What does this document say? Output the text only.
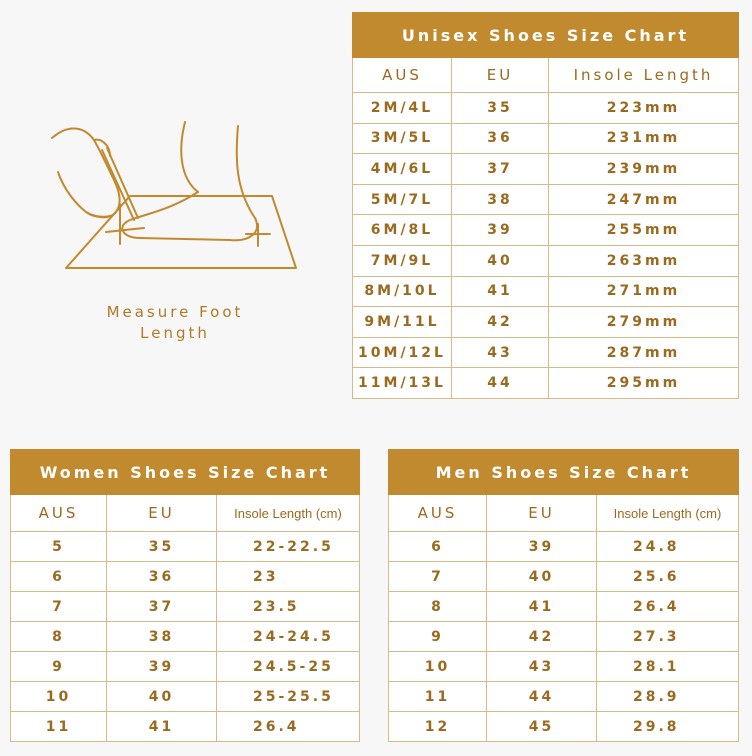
Measure Foot
Length
Unisex Shoes Size Chart		
AUS	EU	Insole Length
2M/4L	35	223mm
3M/5L	36	231mm
4M/6L	37	239mm
5M/7L	38	247mm
6M/8L	39	255mm
7M/9L	40	263mm
8M/10L	41	271mm
9M/11L	42	279mm
10M/12L	43	287mm
11M/13L	44	295mm
Women Shoes Size Chart		
AUS	EU	Insole Length (cm)
5	35	22-22.5
6	36	23
7	37	23.5
8	38	24-24.5
9	39	24.5-25
10	40	25-25.5
11	41	26.4
Men Shoes Size Chart		
AUS	EU	Insole Length (cm)
6	39	24.8
7	40	25.6
8	41	26.4
9	42	27.3
10	43	28.1
11	44	28.9
12	45	29.8
